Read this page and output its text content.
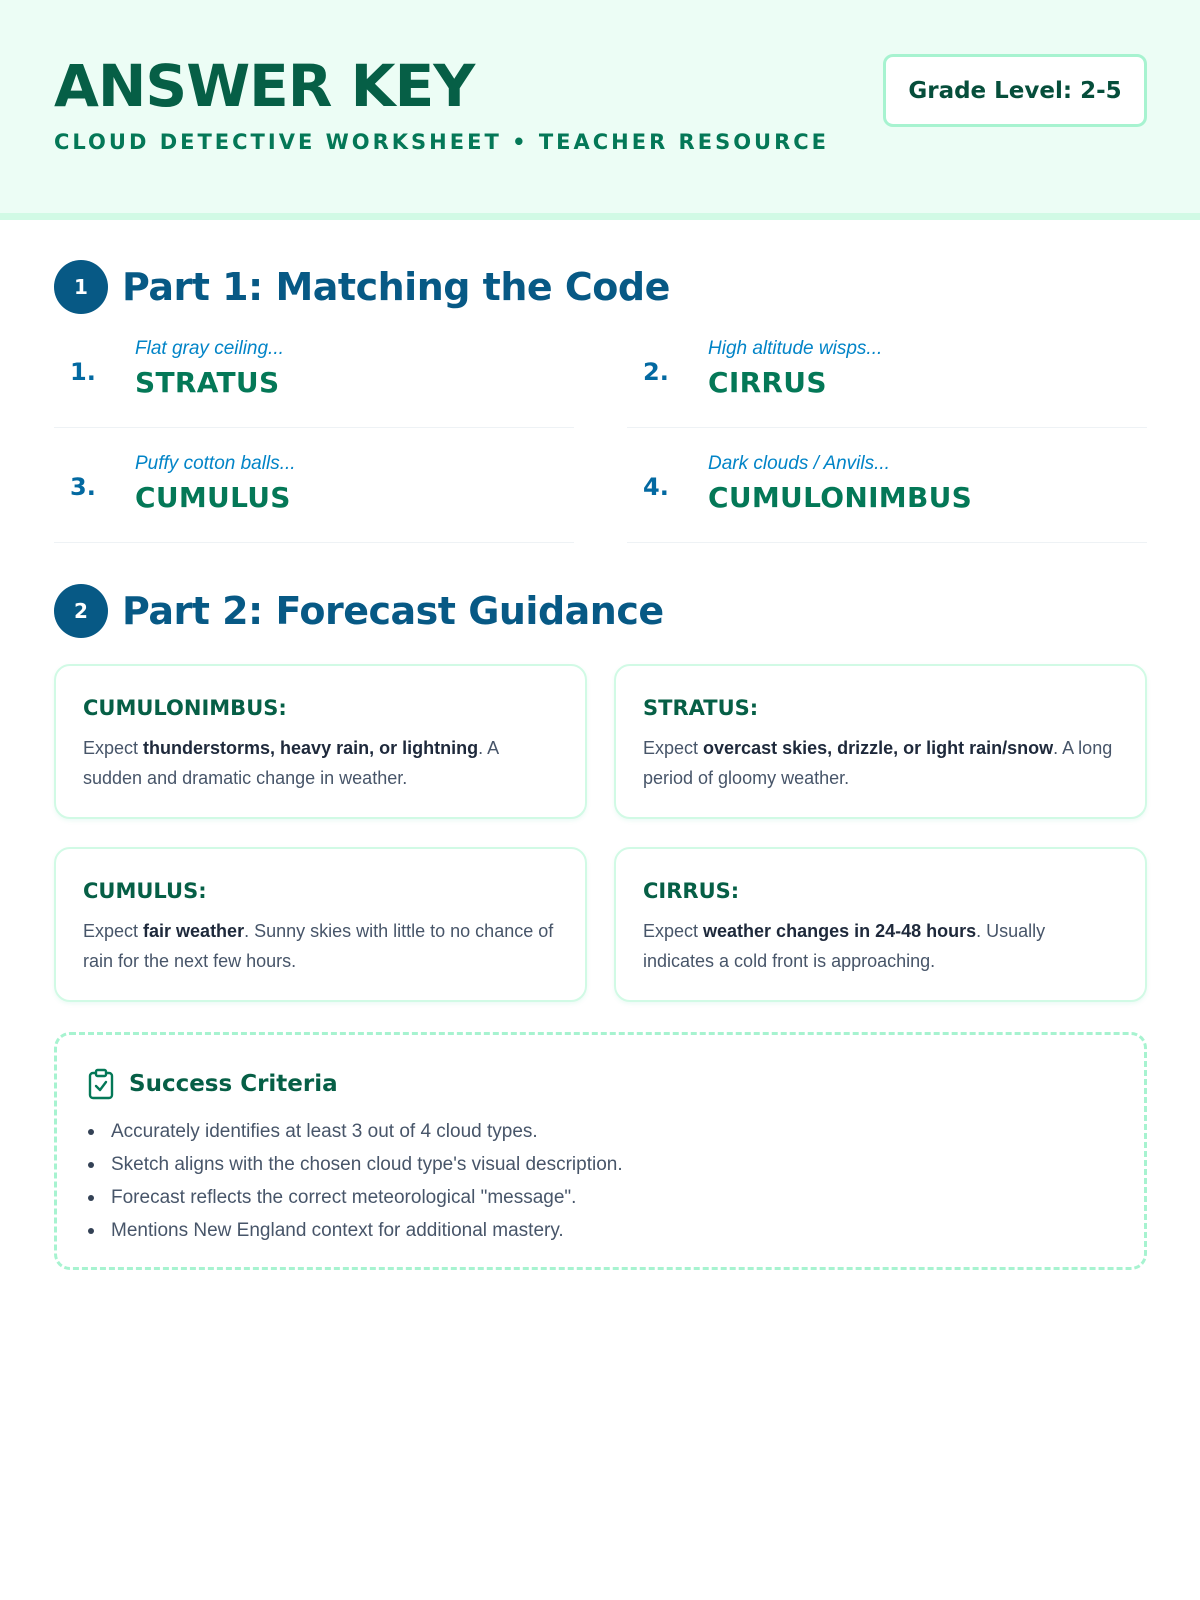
ANSWER KEY
CLOUD DETECTIVE WORKSHEET • TEACHER RESOURCE
Grade Level: 2-5
1 Part 1: Matching the Code
1.
Flat gray ceiling...
STRATUS	2.
High altitude wisps...
CIRRUS
3.
Puffy cotton balls...
CUMULUS	4.
Dark clouds / Anvils...
CUMULONIMBUS
2 Part 2: Forecast Guidance
CUMULONIMBUS:
Expect thunderstorms, heavy rain, or lightning. A sudden and dramatic change in weather.
STRATUS:
Expect overcast skies, drizzle, or light rain/snow. A long period of gloomy weather.
CUMULUS:
Expect fair weather. Sunny skies with little to no chance of rain for the next few hours.
CIRRUS:
Expect weather changes in 24-48 hours. Usually indicates a cold front is approaching.
Success Criteria
Accurately identifies at least 3 out of 4 cloud types.
Sketch aligns with the chosen cloud type's visual description.
Forecast reflects the correct meteorological "message".
Mentions New England context for additional mastery.
